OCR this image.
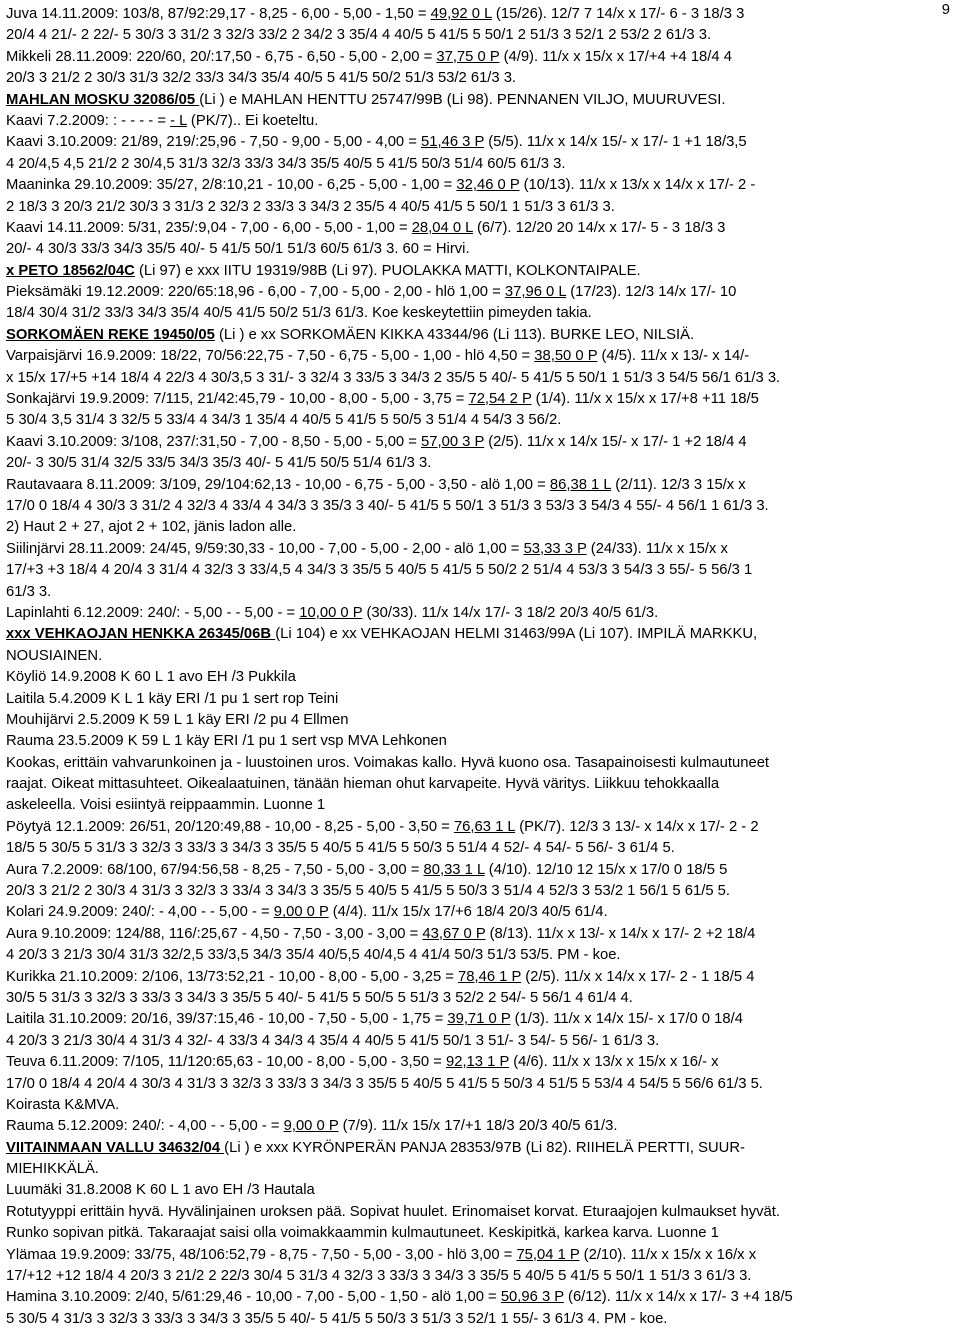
9
Juva 14.11.2009: 103/8, 87/92:29,17 - 8,25 - 6,00 - 5,00 - 1,50 = 49,92 0 L (15/26). 12/7 7 14/x x 17/- 6 - 3 18/3 3
20/4 4 21/- 2 22/- 5 30/3 3 31/2 3 32/3 33/2 2 34/2 3 35/4 4 40/5 5 41/5 5 50/1 2 51/3 3 52/1 2 53/2 2 61/3 3.
Mikkeli 28.11.2009: 220/60, 20/:17,50 - 6,75 - 6,50 - 5,00 - 2,00 = 37,75 0 P (4/9). 11/x x 15/x x 17/+4 +4 18/4 4
20/3 3 21/2 2 30/3 31/3 32/2 33/3 34/3 35/4 40/5 5 41/5 50/2 51/3 53/2 61/3 3.
MAHLAN MOSKU 32086/05 (Li ) e MAHLAN HENTTU 25747/99B (Li 98). PENNANEN VILJO, MUURUVESI.
Kaavi 7.2.2009: : - - - - = - L (PK/7).. Ei koeteltu.
Kaavi 3.10.2009: 21/89, 219/:25,96 - 7,50 - 9,00 - 5,00 - 4,00 = 51,46 3 P (5/5). 11/x x 14/x 15/- x 17/- 1 +1 18/3,5
4 20/4,5 4,5 21/2 2 30/4,5 31/3 32/3 33/3 34/3 35/5 40/5 5 41/5 50/3 51/4 60/5 61/3 3.
Maaninka 29.10.2009: 35/27, 2/8:10,21 - 10,00 - 6,25 - 5,00 - 1,00 = 32,46 0 P (10/13). 11/x x 13/x x 14/x x 17/- 2 -
2 18/3 3 20/3 21/2 30/3 3 31/3 2 32/3 2 33/3 3 34/3 2 35/5 4 40/5 41/5 5 50/1 1 51/3 3 61/3 3.
Kaavi 14.11.2009: 5/31, 235/:9,04 - 7,00 - 6,00 - 5,00 - 1,00 = 28,04 0 L (6/7). 12/20 20 14/x x 17/- 5 - 3 18/3 3
20/- 4 30/3 33/3 34/3 35/5 40/- 5 41/5 50/1 51/3 60/5 61/3 3. 60 = Hirvi.
x PETO 18562/04C (Li 97) e xxx IITU 19319/98B (Li 97). PUOLAKKA MATTI, KOLKONTAIPALE.
Pieksämäki 19.12.2009: 220/65:18,96 - 6,00 - 7,00 - 5,00 - 2,00 - hlö 1,00 = 37,96 0 L (17/23). 12/3 14/x 17/- 10
18/4 30/4 31/2 33/3 34/3 35/4 40/5 41/5 50/2 51/3 61/3. Koe keskeytettiin pimeyden takia.
SORKOMÄEN REKE 19450/05 (Li ) e xx SORKOMÄEN KIKKA 43344/96 (Li 113). BURKE LEO, NILSIÄ.
Varpaisjärvi 16.9.2009: 18/22, 70/56:22,75 - 7,50 - 6,75 - 5,00 - 1,00 - hlö 4,50 = 38,50 0 P (4/5). 11/x x 13/- x 14/-
x 15/x 17/+5 +14 18/4 4 22/3 4 30/3,5 3 31/- 3 32/4 3 33/5 3 34/3 2 35/5 5 40/- 5 41/5 5 50/1 1 51/3 3 54/5 56/1 61/3 3.
Sonkajärvi 19.9.2009: 7/115, 21/42:45,79 - 10,00 - 8,00 - 5,00 - 3,75 = 72,54 2 P (1/4). 11/x x 15/x x 17/+8 +11 18/5
5 30/4 3,5 31/4 3 32/5 5 33/4 4 34/3 1 35/4 4 40/5 5 41/5 5 50/5 3 51/4 4 54/3 3 56/2.
Kaavi 3.10.2009: 3/108, 237/:31,50 - 7,00 - 8,50 - 5,00 - 5,00 = 57,00 3 P (2/5). 11/x x 14/x 15/- x 17/- 1 +2 18/4 4
20/- 3 30/5 31/4 32/5 33/5 34/3 35/3 40/- 5 41/5 50/5 51/4 61/3 3.
Rautavaara 8.11.2009: 3/109, 29/104:62,13 - 10,00 - 6,75 - 5,00 - 3,50 - alö 1,00 = 86,38 1 L (2/11). 12/3 3 15/x x
17/0 0 18/4 4 30/3 3 31/2 4 32/3 4 33/4 4 34/3 3 35/3 3 40/- 5 41/5 5 50/1 3 51/3 3 53/3 3 54/3 4 55/- 4 56/1 1 61/3 3.
2) Haut 2 + 27, ajot 2 + 102, jänis ladon alle.
Siilinjärvi 28.11.2009: 24/45, 9/59:30,33 - 10,00 - 7,00 - 5,00 - 2,00 - alö 1,00 = 53,33 3 P (24/33). 11/x x 15/x x
17/+3 +3 18/4 4 20/4 3 31/4 4 32/3 3 33/4,5 4 34/3 3 35/5 5 40/5 5 41/5 5 50/2 2 51/4 4 53/3 3 54/3 3 55/- 5 56/3 1
61/3 3.
Lapinlahti 6.12.2009: 240/: - 5,00 - - 5,00 - = 10,00 0 P (30/33). 11/x 14/x 17/- 3 18/2 20/3 40/5 61/3.
xxx VEHKAOJAN HENKKA 26345/06B (Li 104) e xx VEHKAOJAN HELMI 31463/99A (Li 107). IMPILÄ MARKKU,
NOUSIAINEN.
Köyliö 14.9.2008 K 60 L 1 avo EH /3 Pukkila
Laitila 5.4.2009 K L 1 käy ERI /1 pu 1 sert rop Teini
Mouhijärvi 2.5.2009 K 59 L 1 käy ERI /2 pu 4 Ellmen
Rauma 23.5.2009 K 59 L 1 käy ERI /1 pu 1 sert vsp MVA Lehkonen
Kookas, erittäin vahvarunkoinen ja - luustoinen uros. Voimakas kallo. Hyvä kuono osa. Tasapainoisesti kulmautuneet
raajat. Oikeat mittasuhteet. Oikealaatuinen, tänään hieman ohut karvapeite. Hyvä väritys. Liikkuu tehokkaalla
askeleella. Voisi esiintyä reippaammin. Luonne 1
Pöytyä 12.1.2009: 26/51, 20/120:49,88 - 10,00 - 8,25 - 5,00 - 3,50 = 76,63 1 L (PK/7). 12/3 3 13/- x 14/x x 17/- 2 - 2
18/5 5 30/5 5 31/3 3 32/3 3 33/3 3 34/3 3 35/5 5 40/5 5 41/5 5 50/3 5 51/4 4 52/- 4 54/- 5 56/- 3 61/4 5.
Aura 7.2.2009: 68/100, 67/94:56,58 - 8,25 - 7,50 - 5,00 - 3,00 = 80,33 1 L (4/10). 12/10 12 15/x x 17/0 0 18/5 5
20/3 3 21/2 2 30/3 4 31/3 3 32/3 3 33/4 3 34/3 3 35/5 5 40/5 5 41/5 5 50/3 3 51/4 4 52/3 3 53/2 1 56/1 5 61/5 5.
Kolari 24.9.2009: 240/: - 4,00 - - 5,00 - = 9,00 0 P (4/4). 11/x 15/x 17/+6 18/4 20/3 40/5 61/4.
Aura 9.10.2009: 124/88, 116/:25,67 - 4,50 - 7,50 - 3,00 - 3,00 = 43,67 0 P (8/13). 11/x x 13/- x 14/x x 17/- 2 +2 18/4
4 20/3 3 21/3 30/4 31/3 32/2,5 33/3,5 34/3 35/4 40/5,5 40/4,5 4 41/4 50/3 51/3 53/5. PM - koe.
Kurikka 21.10.2009: 2/106, 13/73:52,21 - 10,00 - 8,00 - 5,00 - 3,25 = 78,46 1 P (2/5). 11/x x 14/x x 17/- 2 - 1 18/5 4
30/5 5 31/3 3 32/3 3 33/3 3 34/3 3 35/5 5 40/- 5 41/5 5 50/5 5 51/3 3 52/2 2 54/- 5 56/1 4 61/4 4.
Laitila 31.10.2009: 20/16, 39/37:15,46 - 10,00 - 7,50 - 5,00 - 1,75 = 39,71 0 P (1/3). 11/x x 14/x 15/- x 17/0 0 18/4
4 20/3 3 21/3 30/4 4 31/3 4 32/- 4 33/3 4 34/3 4 35/4 4 40/5 5 41/5 50/1 3 51/- 3 54/- 5 56/- 1 61/3 3.
Teuva 6.11.2009: 7/105, 11/120:65,63 - 10,00 - 8,00 - 5,00 - 3,50 = 92,13 1 P (4/6). 11/x x 13/x x 15/x x 16/- x
17/0 0 18/4 4 20/4 4 30/3 4 31/3 3 32/3 3 33/3 3 34/3 3 35/5 5 40/5 5 41/5 5 50/3 4 51/5 5 53/4 4 54/5 5 56/6 61/3 5.
Koirasta K&MVA.
Rauma 5.12.2009: 240/: - 4,00 - - 5,00 - = 9,00 0 P (7/9). 11/x 15/x 17/+1 18/3 20/3 40/5 61/3.
VIITAINMAAN VALLU 34632/04 (Li ) e xxx KYRÖNPERÄN PANJA 28353/97B (Li 82). RIIHELÄ PERTTI, SUUR-
MIEHIKKÄLÄ.
Luumäki 31.8.2008 K 60 L 1 avo EH /3 Hautala
Rotutyyppi erittäin hyvä. Hyvälinjainen uroksen pää. Sopivat huulet. Erinomaiset korvat. Eturaajojen kulmaukset hyvät.
Runko sopivan pitkä. Takaraajat saisi olla voimakkaammin kulmautuneet. Keskipitkä, karkea karva. Luonne 1
Ylämaa 19.9.2009: 33/75, 48/106:52,79 - 8,75 - 7,50 - 5,00 - 3,00 - hlö 3,00 = 75,04 1 P (2/10). 11/x x 15/x x 16/x x
17/+12 +12 18/4 4 20/3 3 21/2 2 22/3 30/4 5 31/3 4 32/3 3 33/3 3 34/3 3 35/5 5 40/5 5 41/5 5 50/1 1 51/3 3 61/3 3.
Hamina 3.10.2009: 2/40, 5/61:29,46 - 10,00 - 7,00 - 5,00 - 1,50 - alö 1,00 = 50,96 3 P (6/12). 11/x x 14/x x 17/- 3 +4 18/5
5 30/5 4 31/3 3 32/3 3 33/3 3 34/3 3 35/5 5 40/- 5 41/5 5 50/3 3 51/3 3 52/1 1 55/- 3 61/3 4. PM - koe.
